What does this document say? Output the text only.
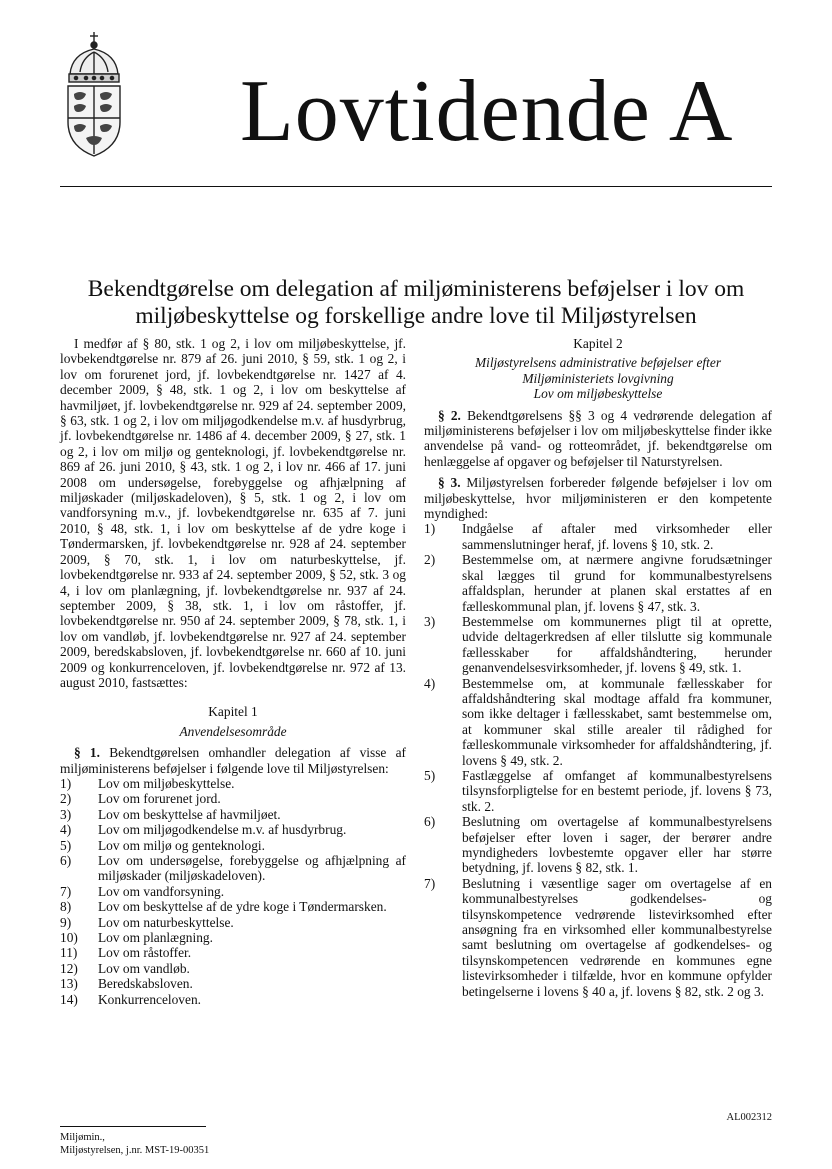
Lovtidende A
Bekendtgørelse om delegation af miljøministerens beføjelser i lov om
miljøbeskyttelse og forskellige andre love til Miljøstyrelsen

I medfør af § 80, stk. 1 og 2, i lov om miljøbeskyttelse, jf. lovbekendtgørelse nr. 879 af 26. juni 2010, § 59, stk. 1 og 2, i lov om forurenet jord, jf. lovbekendtgørelse nr. 1427 af 4. december 2009, § 48, stk. 1 og 2, i lov om beskyttelse af havmiljøet, jf. lovbekendtgørelse nr. 929 af 24. september 2009, § 63, stk. 1 og 2, i lov om miljøgodkendelse m.v. af husdyrbrug, jf. lovbekendtgørelse nr. 1486 af 4. december 2009, § 27, stk. 1 og 2, i lov om miljø og genteknologi, jf. lovbekendtgørelse nr. 869 af 26. juni 2010, § 43, stk. 1 og 2, i lov nr. 466 af 17. juni 2008 om undersøgelse, forebyggelse og afhjælpning af miljøskader (miljøskadeloven), § 5, stk. 1 og 2, i lov om vandforsyning m.v., jf. lovbekendtgørelse nr. 635 af 7. juni 2010, § 48, stk. 1, i lov om beskyttelse af de ydre koge i Tøndermarsken, jf. lovbekendtgørelse nr. 928 af 24. september 2009, § 70, stk. 1, i lov om naturbeskyttelse, jf. lovbekendtgørelse nr. 933 af 24. september 2009, § 52, stk. 3 og 4, i lov om planlægning, jf. lovbekendtgørelse nr. 937 af 24. september 2009, § 38, stk. 1, i lov om råstoffer, jf. lovbekendtgørelse nr. 950 af 24. september 2009, § 78, stk. 1, i lov om vandløb, jf. lovbekendtgørelse nr. 927 af 24. september 2009, beredskabsloven, jf. lovbekendtgørelse nr. 660 af 10. juni 2009 og konkurrenceloven, jf. lovbekendtgørelse nr. 972 af 13. august 2010, fastsættes:

Kapitel 1

Anvendelsesområde

§ 1. Bekendtgørelsen omhandler delegation af visse af miljøministerens beføjelser i følgende love til Miljøstyrelsen:

1) Lov om miljøbeskyttelse.
2) Lov om forurenet jord.
3) Lov om beskyttelse af havmiljøet.
4) Lov om miljøgodkendelse m.v. af husdyrbrug.
5) Lov om miljø og genteknologi.
6) Lov om undersøgelse, forebyggelse og afhjælpning af miljøskader (miljøskadeloven).
7) Lov om vandforsyning.
8) Lov om beskyttelse af de ydre koge i Tøndermarsken.
9) Lov om naturbeskyttelse.
10) Lov om planlægning.
11) Lov om råstoffer.
12) Lov om vandløb.
13) Beredskabsloven.
14) Konkurrenceloven.

Kapitel 2

Miljøstyrelsens administrative beføjelser efter

Miljøministeriets lovgivning

Lov om miljøbeskyttelse

§ 2. Bekendtgørelsens §§ 3 og 4 vedrørende delegation af miljøministerens beføjelser i lov om miljøbeskyttelse finder ikke anvendelse på vand- og rotteområdet, jf. bekendtgørelse om henlæggelse af opgaver og beføjelser til Naturstyrelsen.

§ 3. Miljøstyrelsen forbereder følgende beføjelser i lov om miljøbeskyttelse, hvor miljøministeren er den kompetente myndighed:

1) Indgåelse af aftaler med virksomheder eller sammenslutninger heraf, jf. lovens § 10, stk. 2.
2) Bestemmelse om, at nærmere angivne forudsætninger skal lægges til grund for kommunalbestyrelsens affaldsplan, herunder at planen skal erstattes af en fælleskommunal plan, jf. lovens § 47, stk. 3.
3) Bestemmelse om kommunernes pligt til at oprette, udvide deltagerkredsen af eller tilslutte sig kommunale fællesskaber for affaldshåndtering, herunder genanvendelsesvirksomheder, jf. lovens § 49, stk. 1.
4) Bestemmelse om, at kommunale fællesskaber for affaldshåndtering skal modtage affald fra kommuner, som ikke deltager i fællesskabet, samt bestemmelse om, at kommuner skal stille arealer til rådighed for fælleskommunale virksomheder for affaldshåndtering, jf. lovens § 49, stk. 2.
5) Fastlæggelse af omfanget af kommunalbestyrelsens tilsynsforpligtelse for en bestemt periode, jf. lovens § 73, stk. 2.
6) Beslutning om overtagelse af kommunalbestyrelsens beføjelser efter loven i sager, der berører andre myndigheders lovbestemte opgaver eller har større betydning, jf. lovens § 82, stk. 1.
7) Beslutning i væsentlige sager om overtagelse af en kommunalbestyrelses godkendelses- og tilsynskompetence vedrørende listevirksomhed efter ansøgning fra en virksomhed eller kommunalbestyrelse samt beslutning om overtagelse af godkendelses- og tilsynskompetencen vedrørende en kommunes egne listevirksomheder i tilfælde, hvor en kommune opfylder betingelserne i lovens § 40 a, jf. lovens § 82, stk. 2 og 3.
AL002312
Miljømin.,
Miljøstyrelsen, j.nr. MST-19-00351
